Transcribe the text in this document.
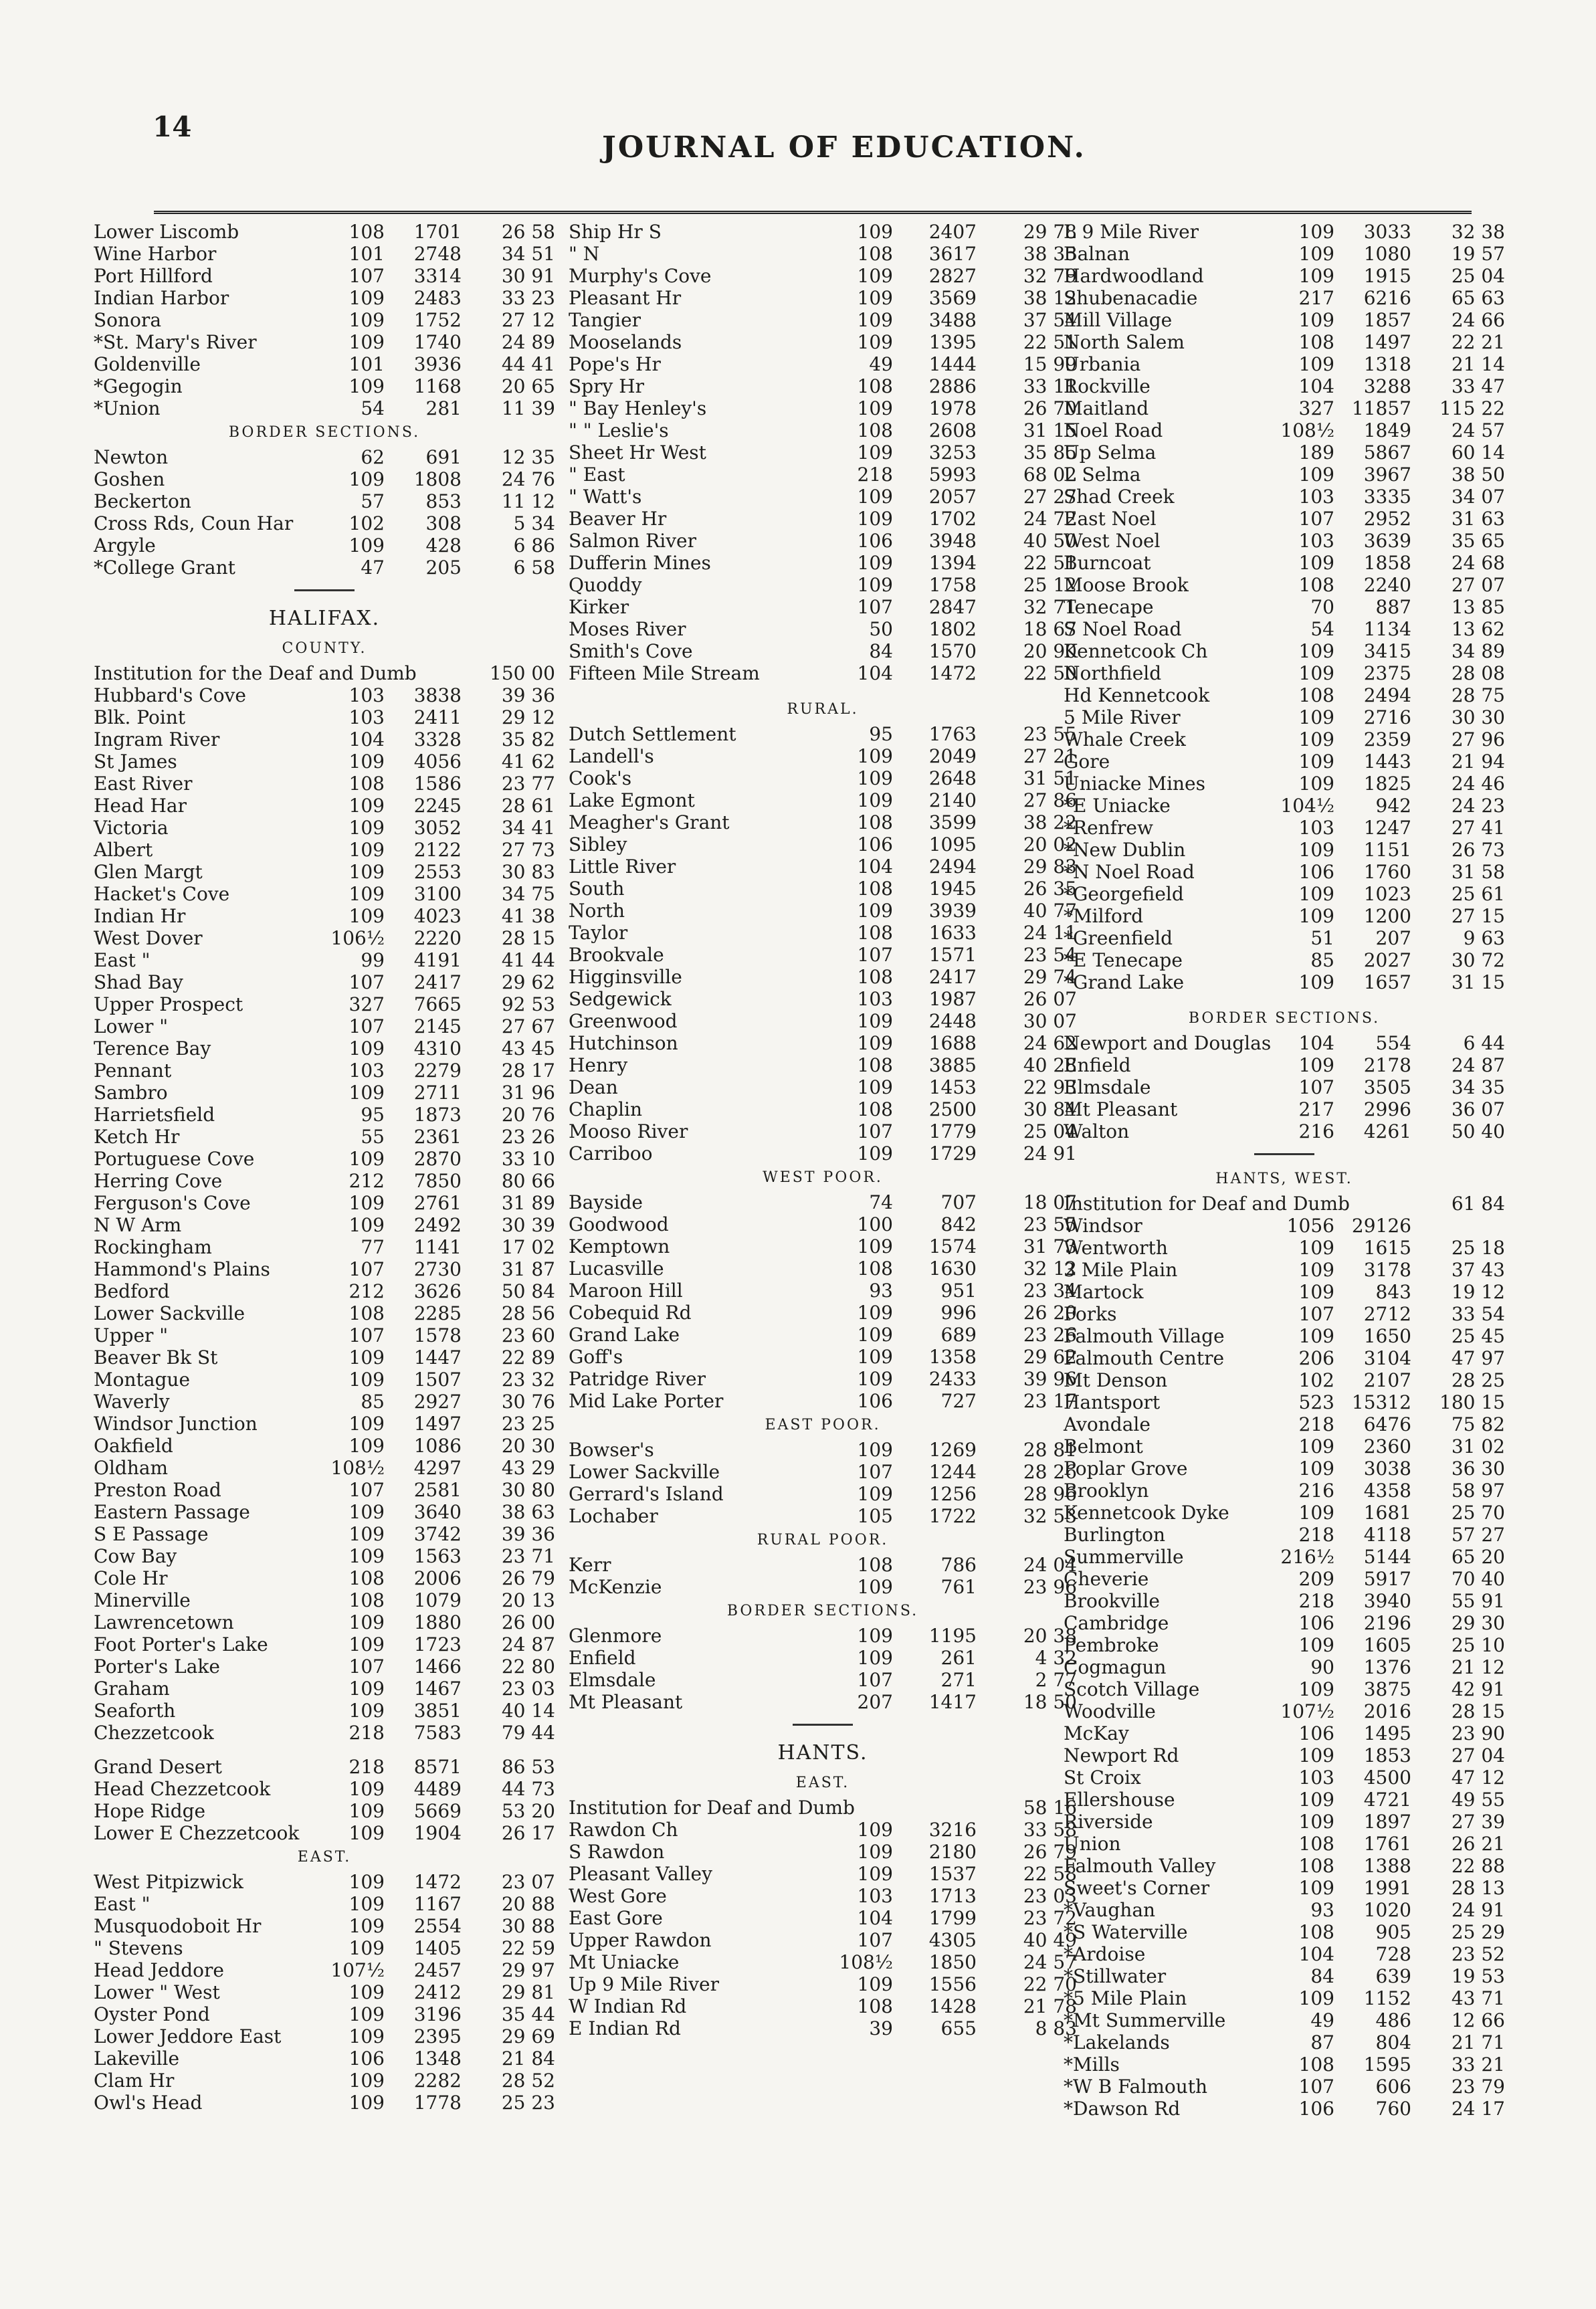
14
JOURNAL OF EDUCATION.
Lower Liscomb	108	1701	26 58
Wine Harbor	101	2748	34 51
Port Hillford	107	3314	30 91
Indian Harbor	109	2483	33 23
Sonora	109	1752	27 12
*St. Mary's River	109	1740	24 89
Goldenville	101	3936	44 41
*Gegogin	109	1168	20 65
*Union	54	281	11 39
BORDER SECTIONS.
Newton	62	691	12 35
Goshen	109	1808	24 76
Beckerton	57	853	11 12
Cross Rds, Coun Har	102	308	5 34
Argyle	109	428	6 86
*College Grant	47	205	6 58
HALIFAX.
COUNTY.
Institution for the Deaf and Dumb	150 00
Hubbard's Cove	103	3838	39 36
Blk. Point	103	2411	29 12
Ingram River	104	3328	35 82
St James	109	4056	41 62
East River	108	1586	23 77
Head Har	109	2245	28 61
Victoria	109	3052	34 41
Albert	109	2122	27 73
Glen Margt	109	2553	30 83
Hacket's Cove	109	3100	34 75
Indian Hr	109	4023	41 38
West Dover	106½	2220	28 15
East "	99	4191	41 44
Shad Bay	107	2417	29 62
Upper Prospect	327	7665	92 53
Lower "	107	2145	27 67
Terence Bay	109	4310	43 45
Pennant	103	2279	28 17
Sambro	109	2711	31 96
Harrietsfield	95	1873	20 76
Ketch Hr	55	2361	23 26
Portuguese Cove	109	2870	33 10
Herring Cove	212	7850	80 66
Ferguson's Cove	109	2761	31 89
N W Arm	109	2492	30 39
Rockingham	77	1141	17 02
Hammond's Plains	107	2730	31 87
Bedford	212	3626	50 84
Lower Sackville	108	2285	28 56
Upper "	107	1578	23 60
Beaver Bk St	109	1447	22 89
Montague	109	1507	23 32
Waverly	85	2927	30 76
Windsor Junction	109	1497	23 25
Oakfield	109	1086	20 30
Oldham	108½	4297	43 29
Preston Road	107	2581	30 80
Eastern Passage	109	3640	38 63
S E Passage	109	3742	39 36
Cow Bay	109	1563	23 71
Cole Hr	108	2006	26 79
Minerville	108	1079	20 13
Lawrencetown	109	1880	26 00
Foot Porter's Lake	109	1723	24 87
Porter's Lake	107	1466	22 80
Graham	109	1467	23 03
Seaforth	109	3851	40 14
Chezzetcook	218	7583	79 44
Grand Desert	218	8571	86 53
Head Chezzetcook	109	4489	44 73
Hope Ridge	109	5669	53 20
Lower E Chezzetcook	109	1904	26 17
EAST.
West Pitpizwick	109	1472	23 07
East "	109	1167	20 88
Musquodoboit Hr	109	2554	30 88
" Stevens	109	1405	22 59
Head Jeddore	107½	2457	29 97
Lower " West	109	2412	29 81
Oyster Pond	109	3196	35 44
Lower Jeddore East	109	2395	29 69
Lakeville	106	1348	21 84
Clam Hr	109	2282	28 52
Owl's Head	109	1778	25 23
Ship Hr S	109	2407	29 78
" N	108	3617	38 35
Murphy's Cove	109	2827	32 79
Pleasant Hr	109	3569	38 12
Tangier	109	3488	37 54
Mooselands	109	1395	22 51
Pope's Hr	49	1444	15 99
Spry Hr	108	2886	33 11
" Bay Henley's	109	1978	26 70
" " Leslie's	108	2608	31 15
Sheet Hr West	109	3253	35 85
" East	218	5993	68 02
" Watt's	109	2057	27 27
Beaver Hr	109	1702	24 72
Salmon River	106	3948	40 50
Dufferin Mines	109	1394	22 51
Quoddy	109	1758	25 12
Kirker	107	2847	32 71
Moses River	50	1802	18 67
Smith's Cove	84	1570	20 90
Fifteen Mile Stream	104	1472	22 50
RURAL.
Dutch Settlement	95	1763	23 55
Landell's	109	2049	27 21
Cook's	109	2648	31 51
Lake Egmont	109	2140	27 86
Meagher's Grant	108	3599	38 22
Sibley	106	1095	20 02
Little River	104	2494	29 83
South	108	1945	26 35
North	109	3939	40 77
Taylor	108	1633	24 11
Brookvale	107	1571	23 54
Higginsville	108	2417	29 74
Sedgewick	103	1987	26 07
Greenwood	109	2448	30 07
Hutchinson	109	1688	24 62
Henry	108	3885	40 28
Dean	109	1453	22 93
Chaplin	108	2500	30 84
Mooso River	107	1779	25 04
Carriboo	109	1729	24 91
WEST POOR.
Bayside	74	707	18 07
Goodwood	100	842	23 55
Kemptown	109	1574	31 73
Lucasville	108	1630	32 12
Maroon Hill	93	951	23 34
Cobequid Rd	109	996	26 20
Grand Lake	109	689	23 26
Goff's	109	1358	29 62
Patridge River	109	2433	39 96
Mid Lake Porter	106	727	23 17
EAST POOR.
Bowser's	109	1269	28 81
Lower Sackville	107	1244	28 26
Gerrard's Island	109	1256	28 96
Lochaber	105	1722	32 53
RURAL POOR.
Kerr	108	786	24 04
McKenzie	109	761	23 96
BORDER SECTIONS.
Glenmore	109	1195	20 38
Enfield	109	261	4 32
Elmsdale	107	271	2 77
Mt Pleasant	207	1417	18 50
HANTS.
EAST.
Institution for Deaf and Dumb	58 16
Rawdon Ch	109	3216	33 58
S Rawdon	109	2180	26 79
Pleasant Valley	109	1537	22 58
West Gore	103	1713	23 03
East Gore	104	1799	23 72
Upper Rawdon	107	4305	40 49
Mt Uniacke	108½	1850	24 57
Up 9 Mile River	109	1556	22 70
W Indian Rd	108	1428	21 78
E Indian Rd	39	655	8 83
L 9 Mile River	109	3033	32 38
Balnan	109	1080	19 57
Hardwoodland	109	1915	25 04
Shubenacadie	217	6216	65 63
Mill Village	109	1857	24 66
North Salem	108	1497	22 21
Urbania	109	1318	21 14
Rockville	104	3288	33 47
Maitland	327 11857	115 22
Noel Road	108½	1849	24 57
Up Selma	189	5867	60 14
L Selma	109	3967	38 50
Shad Creek	103	3335	34 07
East Noel	107	2952	31 63
West Noel	103	3639	35 65
Burncoat	109	1858	24 68
Moose Brook	108	2240	27 07
Tenecape	70	887	13 85
S Noel Road	54	1134	13 62
Kennetcook Ch	109	3415	34 89
Northfield	109	2375	28 08
Hd Kennetcook	108	2494	28 75
5 Mile River	109	2716	30 30
Whale Creek	109	2359	27 96
Gore	109	1443	21 94
Uniacke Mines	109	1825	24 46
*E Uniacke	104½	942	24 23
*Renfrew	103	1247	27 41
*New Dublin	109	1151	26 73
*N Noel Road	106	1760	31 58
*Georgefield	109	1023	25 61
*Milford	109	1200	27 15
*Greenfield	51	207	9 63
*E Tenecape	85	2027	30 72
*Grand Lake	109	1657	31 15
BORDER SECTIONS.
Newport and Douglas	104	554	6 44
Enfield	109	2178	24 87
Elmsdale	107	3505	34 35
Mt Pleasant	217	2996	36 07
Walton	216	4261	50 40
HANTS, WEST.
Institution for Deaf and Dumb	61 84
Windsor	1056 29126
Wentworth	109	1615	25 18
3 Mile Plain	109	3178	37 43
Martock	109	843	19 12
Forks	107	2712	33 54
Falmouth Village	109	1650	25 45
Falmouth Centre	206	3104	47 97
Mt Denson	102	2107	28 25
Hantsport	523 15312	180 15
Avondale	218	6476	75 82
Belmont	109	2360	31 02
Poplar Grove	109	3038	36 30
Brooklyn	216	4358	58 97
Kennetcook Dyke	109	1681	25 70
Burlington	218	4118	57 27
Summerville	216½	5144	65 20
Cheverie	209	5917	70 40
Brookville	218	3940	55 91
Cambridge	106	2196	29 30
Pembroke	109	1605	25 10
Cogmagun	90	1376	21 12
Scotch Village	109	3875	42 91
Woodville	107½	2016	28 15
McKay	106	1495	23 90
Newport Rd	109	1853	27 04
St Croix	103	4500	47 12
Ellershouse	109	4721	49 55
Riverside	109	1897	27 39
Union	108	1761	26 21
Falmouth Valley	108	1388	22 88
Sweet's Corner	109	1991	28 13
*Vaughan	93	1020	24 91
*S Waterville	108	905	25 29
*Ardoise	104	728	23 52
*Stillwater	84	639	19 53
*5 Mile Plain	109	1152	43 71
*Mt Summerville	49	486	12 66
*Lakelands	87	804	21 71
*Mills	108	1595	33 21
*W B Falmouth	107	606	23 79
*Dawson Rd	106	760	24 17
